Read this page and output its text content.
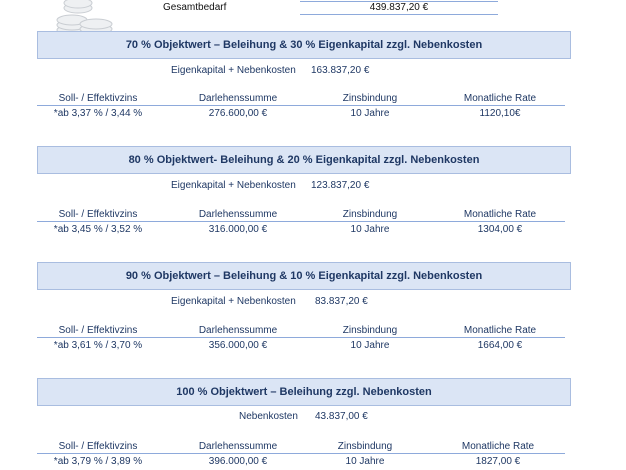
Gesamtbedarf	439.837,20 €
70 % Objektwert – Beleihung & 30 % Eigenkapital zzgl. Nebenkosten
Eigenkapital + Nebenkosten 163.837,20 €
Soll- / Effektivzins	Darlehenssumme	Zinsbindung	Monatliche Rate
*ab 3,37 % / 3,44 %	276.600,00 €	10 Jahre	1120,10€
80 % Objektwert- Beleihung & 20 % Eigenkapital zzgl. Nebenkosten
Eigenkapital + Nebenkosten 123.837,20 €
Soll- / Effektivzins	Darlehenssumme	Zinsbindung	Monatliche Rate
*ab 3,45 % / 3,52 %	316.000,00 €	10 Jahre	1304,00 €
90 % Objektwert – Beleihung & 10 % Eigenkapital zzgl. Nebenkosten
Eigenkapital + Nebenkosten 83.837,20 €
Soll- / Effektivzins	Darlehenssumme	Zinsbindung	Monatliche Rate
*ab 3,61 % / 3,70 %	356.000,00 €	10 Jahre	1664,00 €
100 % Objektwert – Beleihung zzgl. Nebenkosten
Nebenkosten 43.837,00 €
Soll- / Effektivzins	Darlehenssumme	Zinsbindung	Monatliche Rate
*ab 3,79 % / 3,89 %	396.000,00 €	10 Jahre	1827,00 €
